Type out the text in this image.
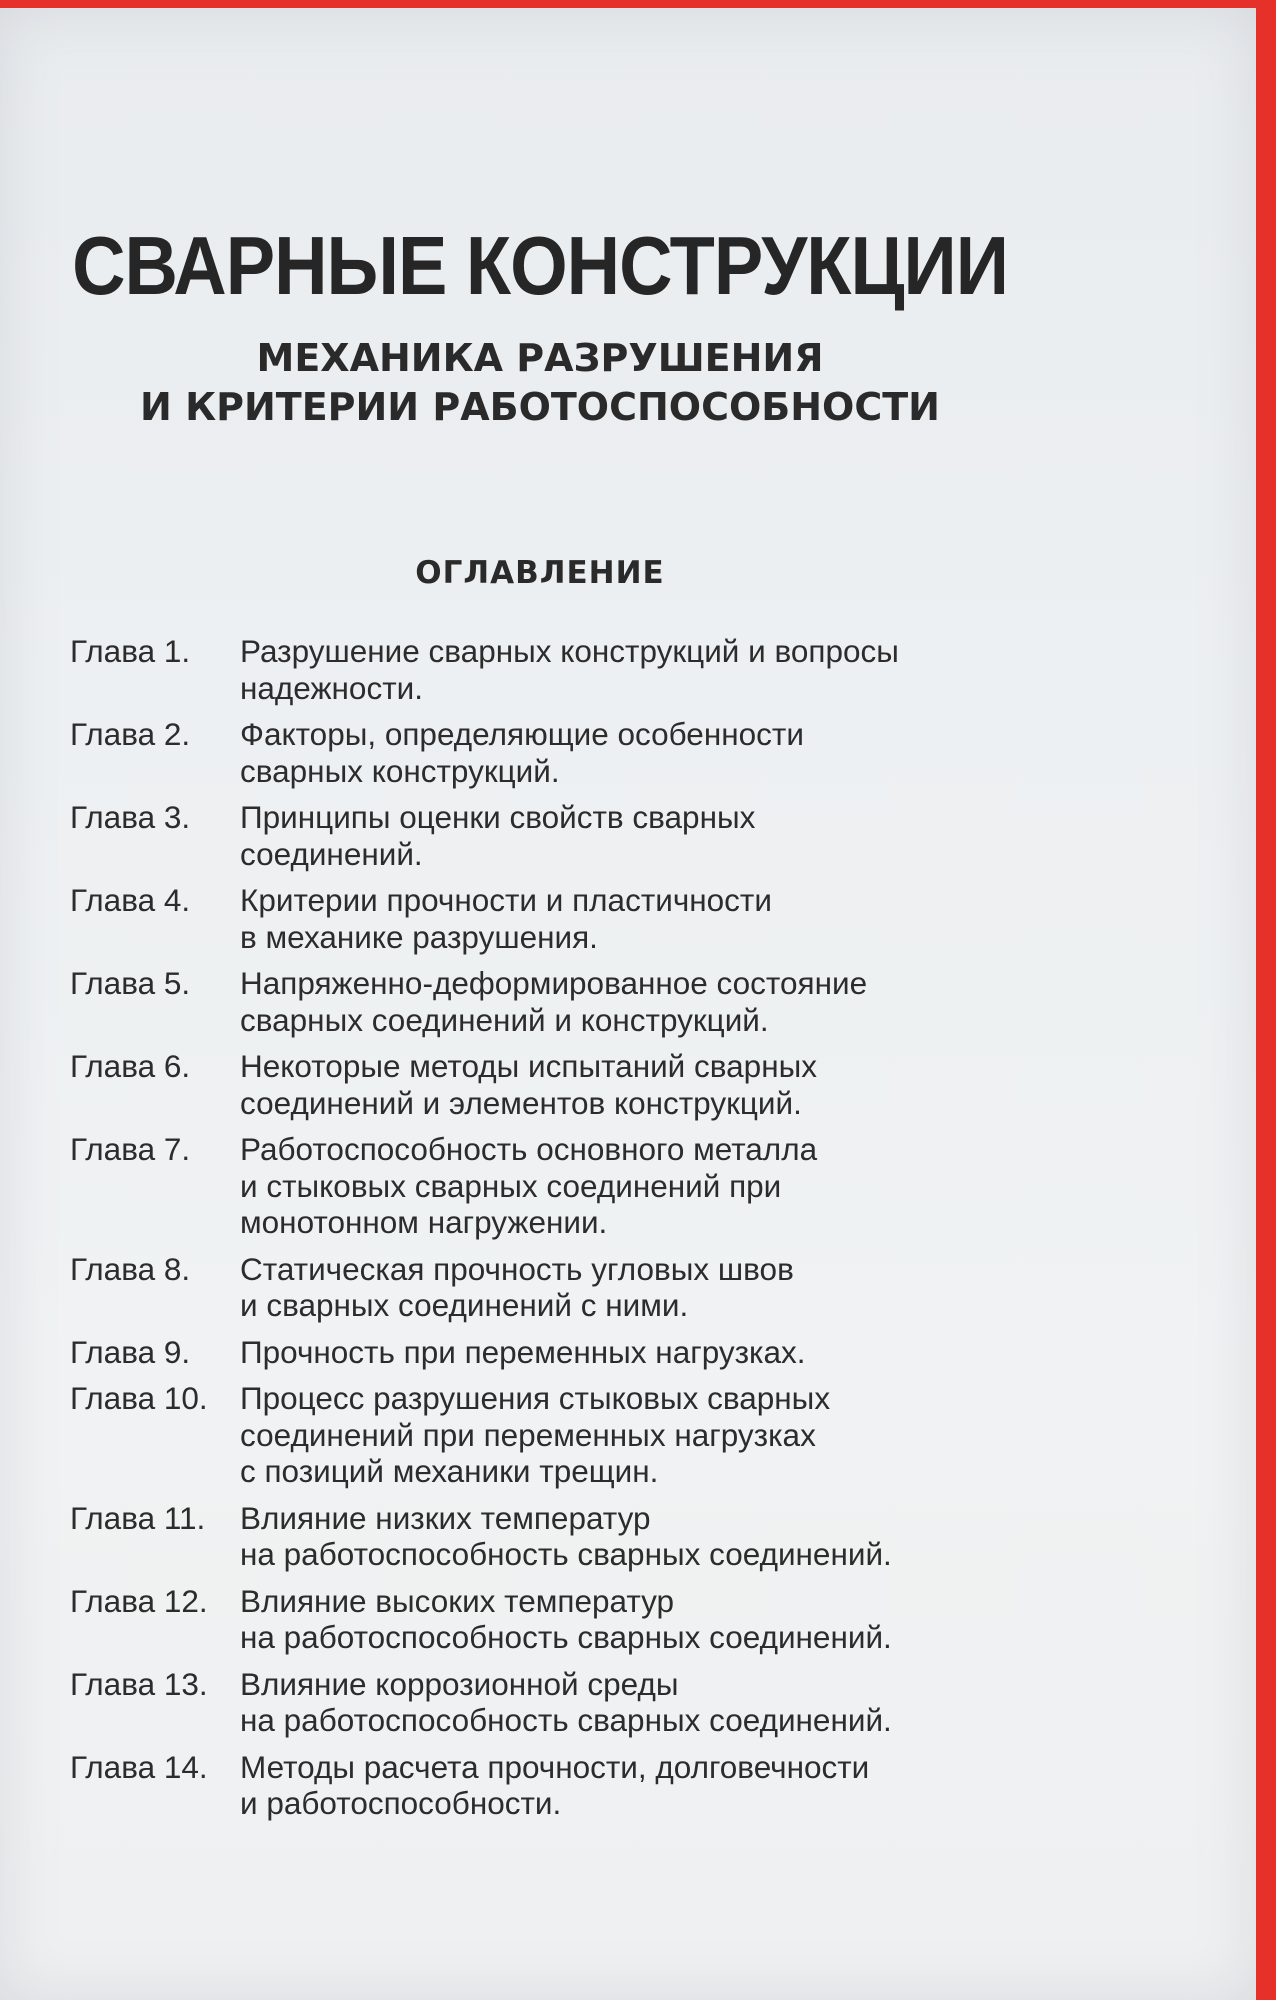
СВАРНЫЕ КОНСТРУКЦИИ
МЕХАНИКА РАЗРУШЕНИЯ
И КРИТЕРИИ РАБОТОСПОСОБНОСТИ
ОГЛАВЛЕНИЕ
Глава 1.	Разрушение сварных конструкций и вопросы
надежности.
Глава 2.	Факторы, определяющие особенности
сварных конструкций.
Глава 3.	Принципы оценки свойств сварных
соединений.
Глава 4.	Критерии прочности и пластичности
в механике разрушения.
Глава 5.	Напряженно-деформированное состояние
сварных соединений и конструкций.
Глава 6.	Некоторые методы испытаний сварных
соединений и элементов конструкций.
Глава 7.	Работоспособность основного металла
и стыковых сварных соединений при
монотонном нагружении.
Глава 8.	Статическая прочность угловых швов
и сварных соединений с ними.
Глава 9.	Прочность при переменных нагрузках.
Глава 10.	Процесс разрушения стыковых сварных
соединений при переменных нагрузках
с позиций механики трещин.
Глава 11.	Влияние низких температур
на работоспособность сварных соединений.
Глава 12.	Влияние высоких температур
на работоспособность сварных соединений.
Глава 13.	Влияние коррозионной среды
на работоспособность сварных соединений.
Глава 14.	Методы расчета прочности, долговечности
и работоспособности.
